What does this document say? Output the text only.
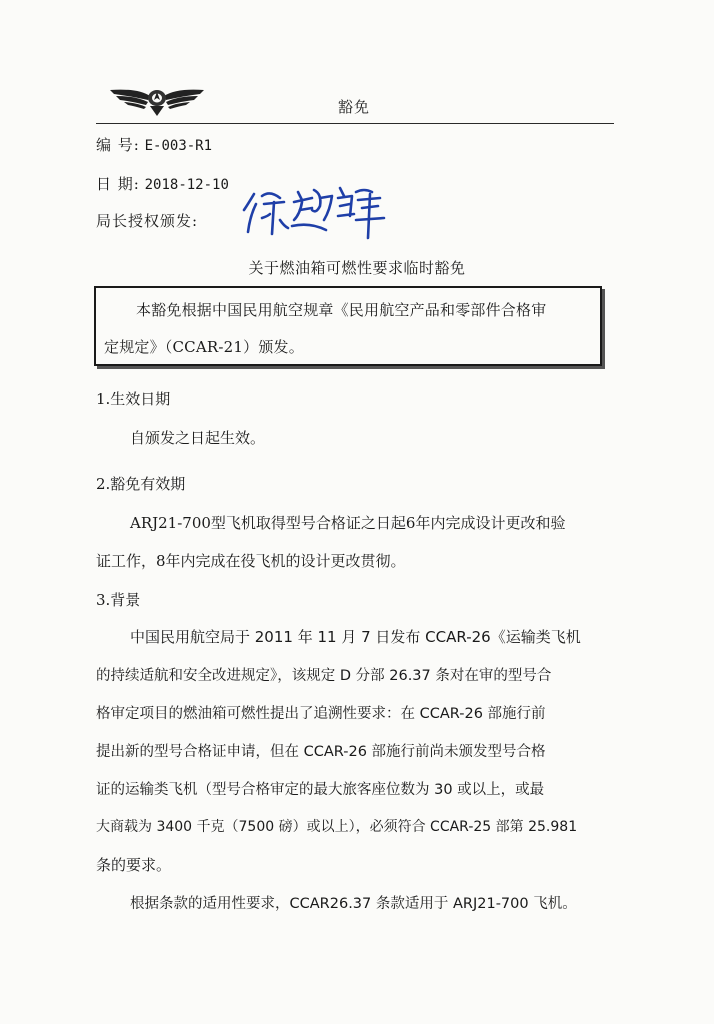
豁免
编 号: E-003-R1
日 期: 2018-12-10
局长授权颁发:
关于燃油箱可燃性要求临时豁免
本豁免根据中国民用航空规章《民用航空产品和零部件合格审
定规定》（CCAR-21）颁发。
1.生效日期
自颁发之日起生效。
2.豁免有效期
ARJ21-700型飞机取得型号合格证之日起6年内完成设计更改和验
证工作，8年内完成在役飞机的设计更改贯彻。
3.背景
中国民用航空局于 2011 年 11 月 7 日发布 CCAR-26《运输类飞机
的持续适航和安全改进规定》，该规定 D 分部 26.37 条对在审的型号合
格审定项目的燃油箱可燃性提出了追溯性要求：在 CCAR-26 部施行前
提出新的型号合格证申请，但在 CCAR-26 部施行前尚未颁发型号合格
证的运输类飞机（型号合格审定的最大旅客座位数为 30 或以上，或最
大商载为 3400 千克（7500 磅）或以上），必须符合 CCAR-25 部第 25.981
条的要求。
根据条款的适用性要求，CCAR26.37 条款适用于 ARJ21-700 飞机。
